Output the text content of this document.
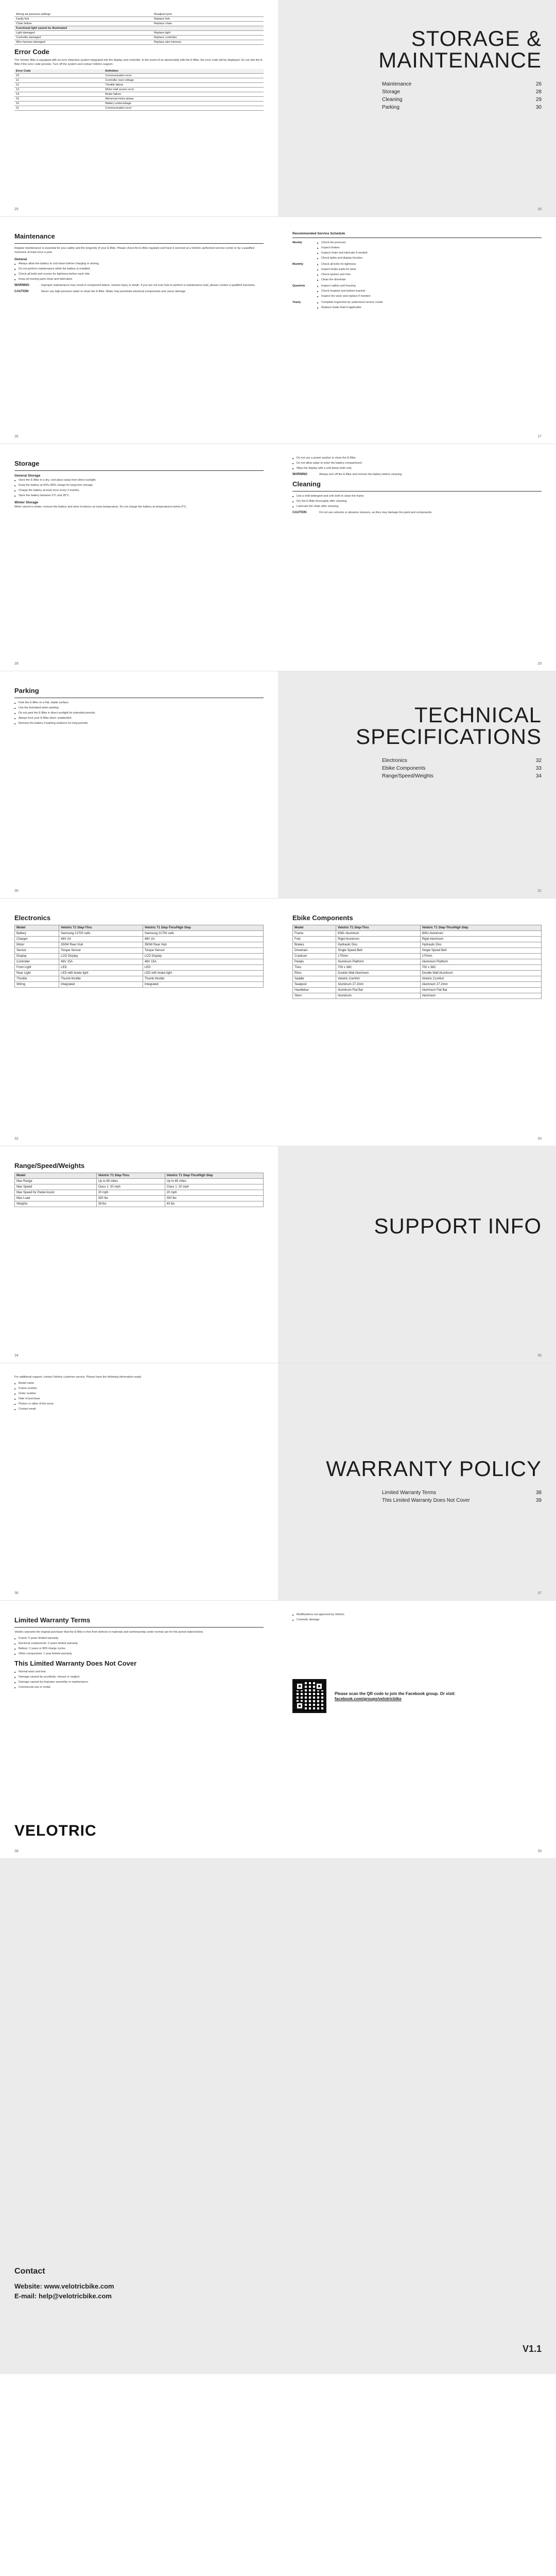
Wrong air pressure settings	Readjust tyres
Faulty fork	Replace fork
Chain failure	Replace chain
Functional light cannot be illuminated	
Light damaged	Replace light
Controller damaged	Replace controller
Wire harness damaged	Replace wire harness
Error Code

The Velotric Bike is equipped with an error detection system integrated into the display and controller. In the event of an abnormality with the E-Bike, the error code will be displayed. Do not ride the E-Bike if the error code persists. Turn off the system and contact Velotric support.

Error Code	Definition
10	Communication error
11	Controller over-voltage
12	Throttle failure
13	Motor Hall sensor error
14	Brake failure
15	Abnormal motor phase
16	Battery undervoltage
21	Communication error
25

STORAGE &

MAINTENANCE

Maintenance	26
Storage	28
Cleaning	29
Parking	30
26
Maintenance

Regular maintenance is essential for your safety and the longevity of your E-Bike. Please check the E-Bike regularly and have it serviced at a Velotric authorized service center or by a qualified mechanic at least once a year.

General

■ Always allow the battery to cool down before charging or storing.

■ Do not perform maintenance while the battery is installed.

■ Check all bolts and screws for tightness before each ride.

■ Keep all moving parts clean and lubricated.

WARNING	Improper maintenance may result in component failure, serious injury or death. If you are not sure how to perform a maintenance task, please contact a qualified mechanic.
CAUTION	Never use high pressure water to clean the E-Bike. Water may penetrate electrical components and cause damage.
26
Recommended Service Schedule
Weekly	■ Check tire pressure

■ Inspect brakes

■ Inspect chain and lubricate if needed

■ Check lights and display function

Monthly	■ Check all bolts for tightness

■ Inspect brake pads for wear

■ Check spokes and rims

■ Clean the drivetrain

Quarterly	■ Inspect cables and housing

■ Check headset and bottom bracket

■ Inspect tire wear and replace if needed

Yearly	■ Complete inspection by authorized service center

■ Replace brake fluid if applicable

27
Storage
General Storage

■ Store the E-Bike in a dry, cool place away from direct sunlight.

■ Keep the battery at 50%–80% charge for long-term storage.

■ Charge the battery at least once every 3 months.

■ Store the battery between 0°C and 35°C.

Winter Storage

When stored in winter, remove the battery and store it indoors at room temperature. Do not charge the battery at temperatures below 0°C.

28

■ Do not use a power washer to clean the E-Bike.

■ Do not allow water to enter the battery compartment.

■ Wipe the display with a soft damp cloth only.

WARNING	Always turn off the E-Bike and remove the battery before cleaning.
Cleaning

■ Use a mild detergent and soft cloth to clean the frame.

■ Dry the E-Bike thoroughly after cleaning.

■ Lubricate the chain after cleaning.

CAUTION	Do not use solvents or abrasive cleaners, as they may damage the paint and components.
29
Parking

■ Park the E-Bike on a flat, stable surface.

■ Use the kickstand when parking.

■ Do not park the E-Bike in direct sunlight for extended periods.

■ Always lock your E-Bike when unattended.

■ Remove the battery if parking outdoors for long periods.

30

TECHNICAL

SPECIFICATIONS

Electronics	32
Ebike Components	33
Range/Speed/Weights	34
31
Electronics
Model	Velotric T1 Step-Thru	Velotric T1 Step-Thru/High Step
Battery	Samsung 21700 cells	Samsung 21700 cells
Charger	48V 2A	48V 2A
Motor	350W Rear Hub	350W Rear Hub
Sensor	Torque Sensor	Torque Sensor
Display	LCD Display	LCD Display
Controller	48V 15A	48V 15A
Front Light	LED	LED
Rear Light	LED with brake light	LED with brake light
Throttle	Thumb throttle	Thumb throttle
Wiring	Integrated	Integrated
32
Ebike Components
Model	Velotric T1 Step-Thru	Velotric T1 Step-Thru/High Step
Frame	6061 Aluminum	6061 Aluminum
Fork	Rigid Aluminum	Rigid Aluminum
Brakes	Hydraulic Disc	Hydraulic Disc
Drivetrain	Single Speed Belt	Single Speed Belt
Crankset	170mm	170mm
Pedals	Aluminum Platform	Aluminum Platform
Tires	700 x 38C	700 x 38C
Rims	Double Wall Aluminum	Double Wall Aluminum
Saddle	Velotric Comfort	Velotric Comfort
Seatpost	Aluminum 27.2mm	Aluminum 27.2mm
Handlebar	Aluminum Flat Bar	Aluminum Flat Bar
Stem	Aluminum	Aluminum
33
Range/Speed/Weights
Model	Velotric T1 Step-Thru	Velotric T1 Step-Thru/High Step
Max Range	Up to 65 miles	Up to 65 miles
Max Speed	Class 1: 20 mph	Class 1: 20 mph
Max Speed for Pedal Assist	20 mph	20 mph
Max Load	300 lbs	300 lbs
Weights	39 lbs	40 lbs
34

SUPPORT INFO

35

For additional support, contact Velotric customer service. Please have the following information ready:

■ Model name

■ Frame number

■ Order number

■ Date of purchase

■ Photos or video of the issue

■ Contact email

36

WARRANTY POLICY

Limited Warranty Terms	38
This Limited Warranty Does Not Cover	39
37
Limited Warranty Terms

Velotric warrants the original purchaser that the E-Bike is free from defects in materials and workmanship under normal use for the period stated below.

■ Frame: 5 years limited warranty.

■ Electrical components: 2 years limited warranty.

■ Battery: 2 years or 800 charge cycles.

■ Other components: 1 year limited warranty.

This Limited Warranty Does Not Cover

■ Normal wear and tear.

■ Damage caused by accidents, misuse or neglect.

■ Damage caused by improper assembly or maintenance.

■ Commercial use or rental.

VELOTRIC
38

■ Modifications not approved by Velotric.

■ Cosmetic damage.

Please scan the QR code to join the Facebook group. Or visit:
facebook.com/groups/velotricbike
39
Contact
Website: www.velotricbike.com
E-mail: help@velotricbike.com
V1.1
